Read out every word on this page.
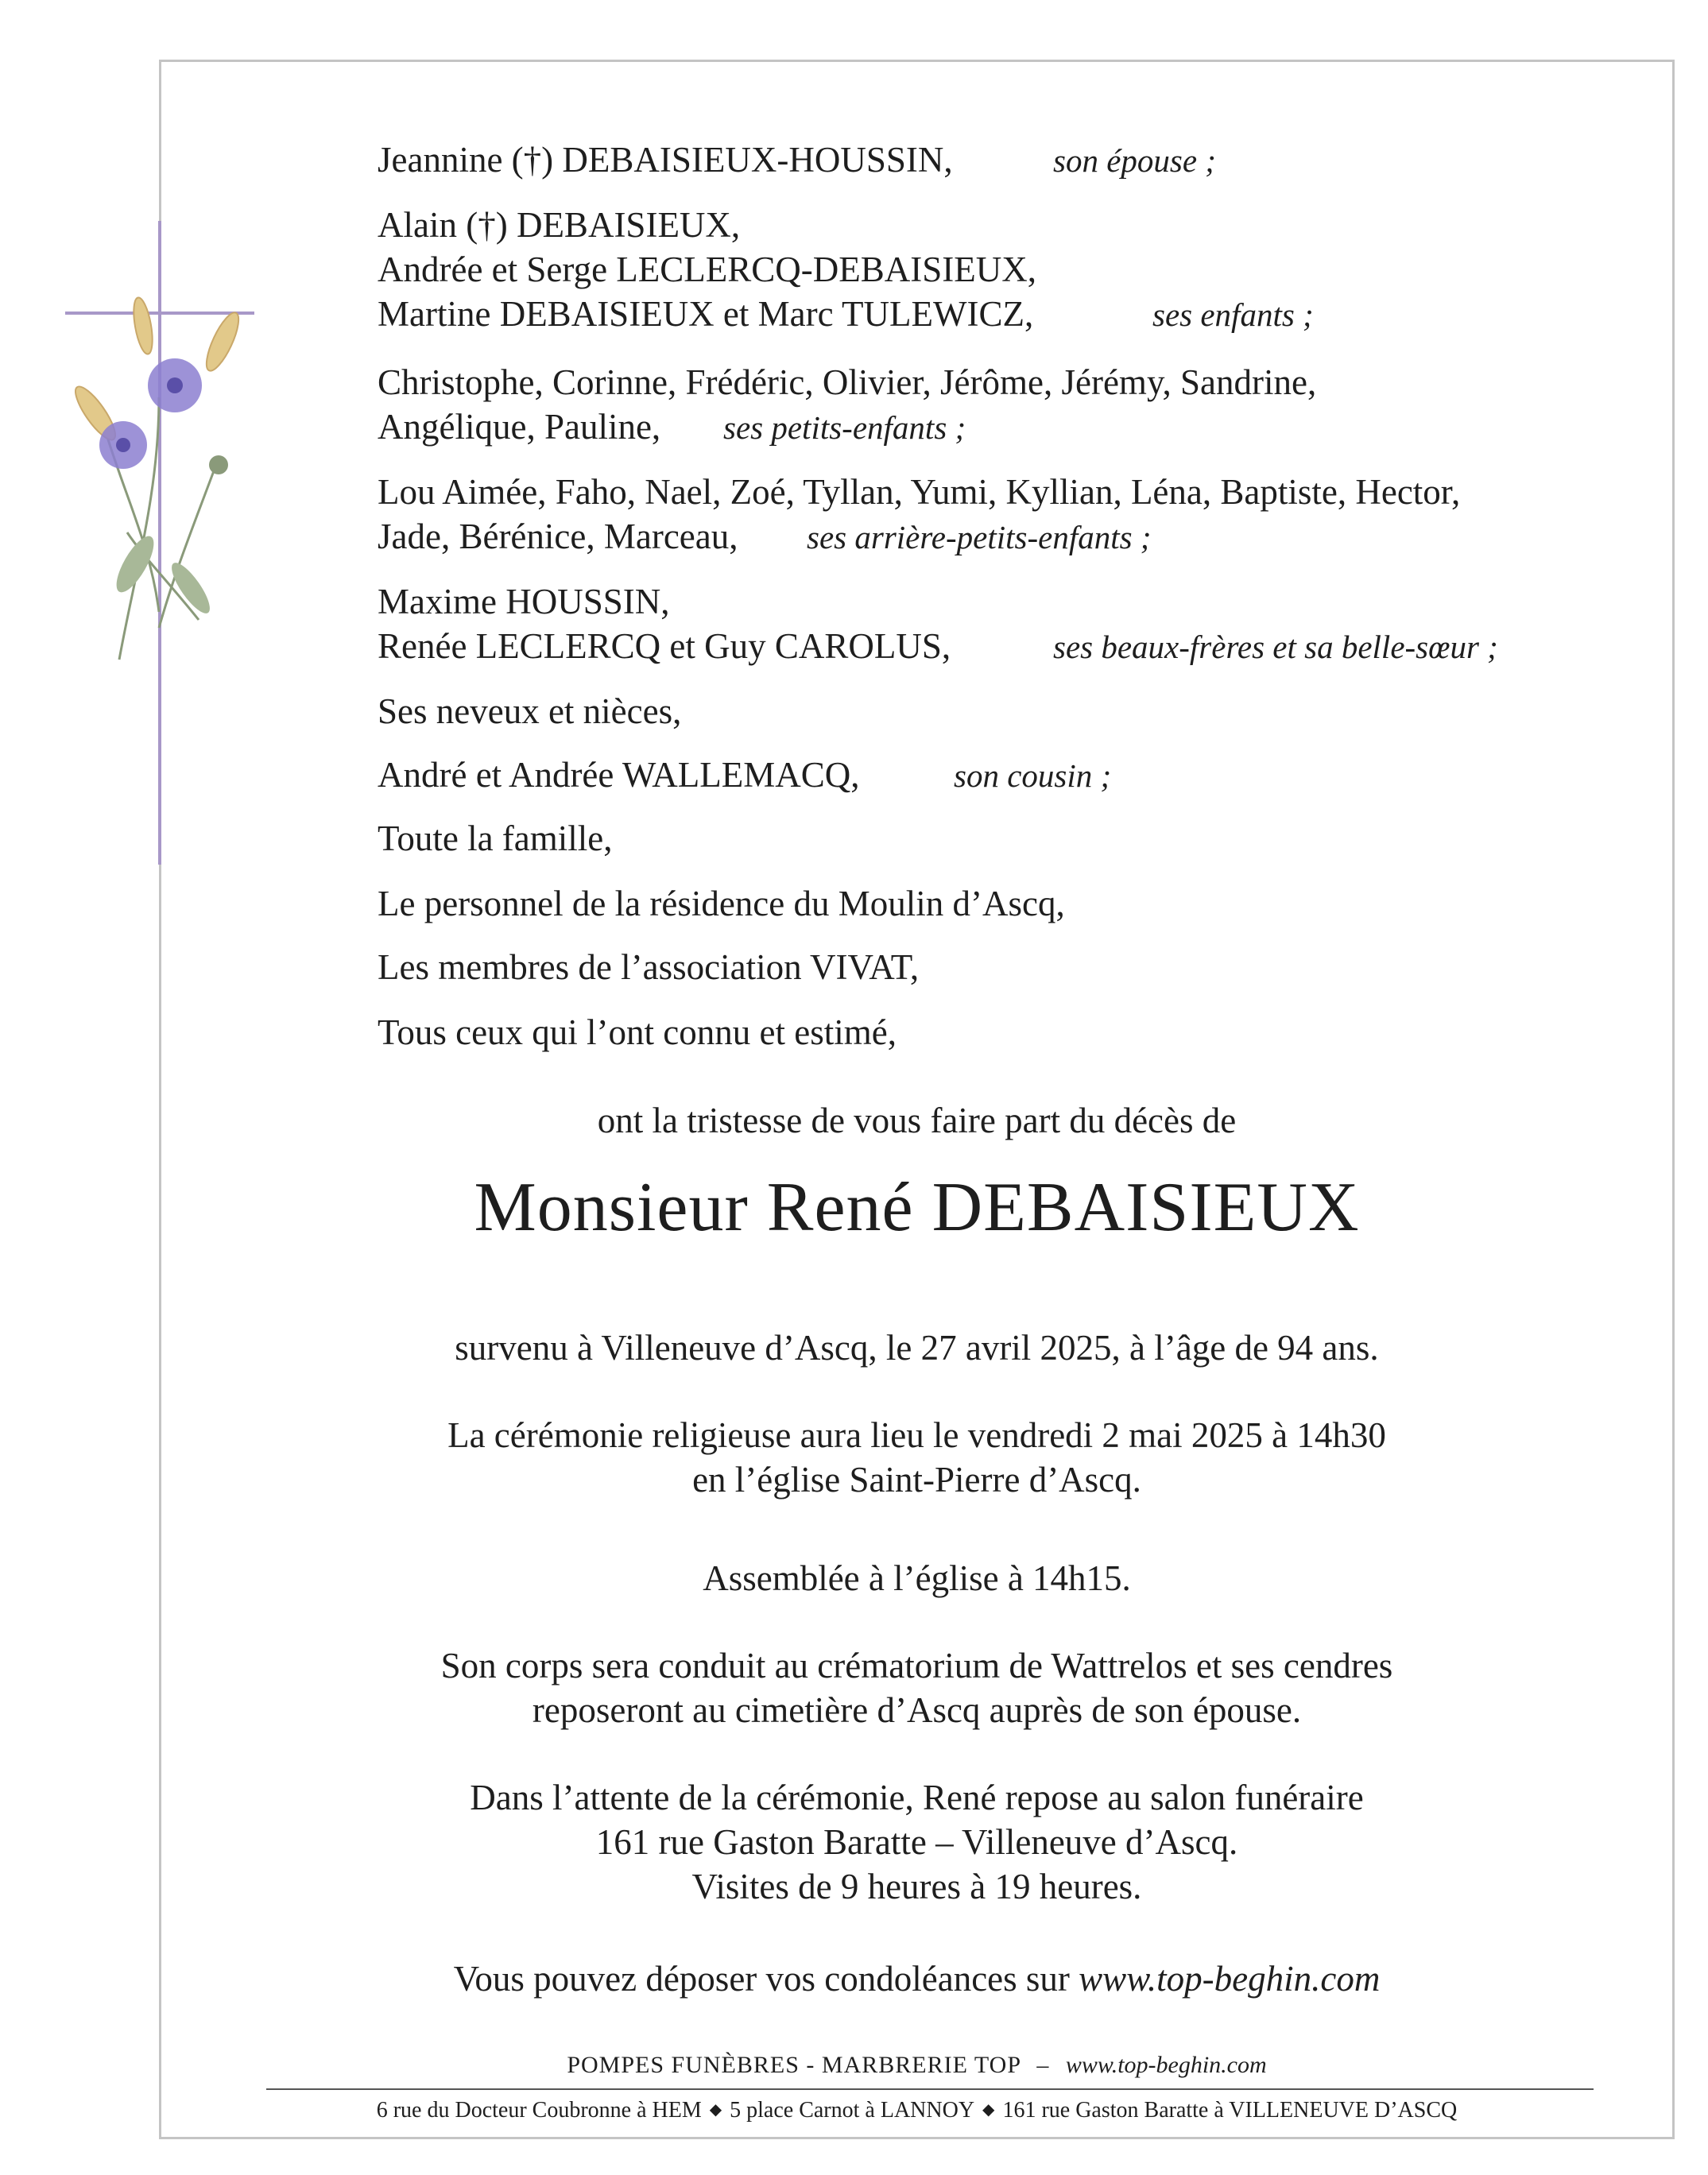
Jeannine (†) DEBAISIEUX-HOUSSIN,	son épouse ;
Alain (†) DEBAISIEUX,
Andrée et Serge LECLERCQ-DEBAISIEUX,
Martine DEBAISIEUX et Marc TULEWICZ,	ses enfants ;
Christophe, Corinne, Frédéric, Olivier, Jérôme, Jérémy, Sandrine,
Angélique, Pauline, ses petits-enfants ;
Lou Aimée, Faho, Nael, Zoé, Tyllan, Yumi, Kyllian, Léna, Baptiste, Hector,
Jade, Bérénice, Marceau, ses arrière-petits-enfants ;
Maxime HOUSSIN,
Renée LECLERCQ et Guy CAROLUS,	ses beaux-frères et sa belle-sœur ;
Ses neveux et nièces,
André et Andrée WALLEMACQ,	son cousin ;
Toute la famille,
Le personnel de la résidence du Moulin d’Ascq,
Les membres de l’association VIVAT,
Tous ceux qui l’ont connu et estimé,
ont la tristesse de vous faire part du décès de
Monsieur René DEBAISIEUX
survenu à Villeneuve d’Ascq, le 27 avril 2025, à l’âge de 94 ans.
La cérémonie religieuse aura lieu le vendredi 2 mai 2025 à 14h30
en l’église Saint-Pierre d’Ascq.
Assemblée à l’église à 14h15.
Son corps sera conduit au crématorium de Wattrelos et ses cendres
reposeront au cimetière d’Ascq auprès de son épouse.
Dans l’attente de la cérémonie, René repose au salon funéraire
161 rue Gaston Baratte – Villeneuve d’Ascq.
Visites de 9 heures à 19 heures.
Vous pouvez déposer vos condoléances sur www.top-beghin.com
POMPES FUNÈBRES - MARBRERIE TOP – www.top-beghin.com
6 rue du Docteur Coubronne à HEM ◆ 5 place Carnot à LANNOY ◆ 161 rue Gaston Baratte à VILLENEUVE D’ASCQ
